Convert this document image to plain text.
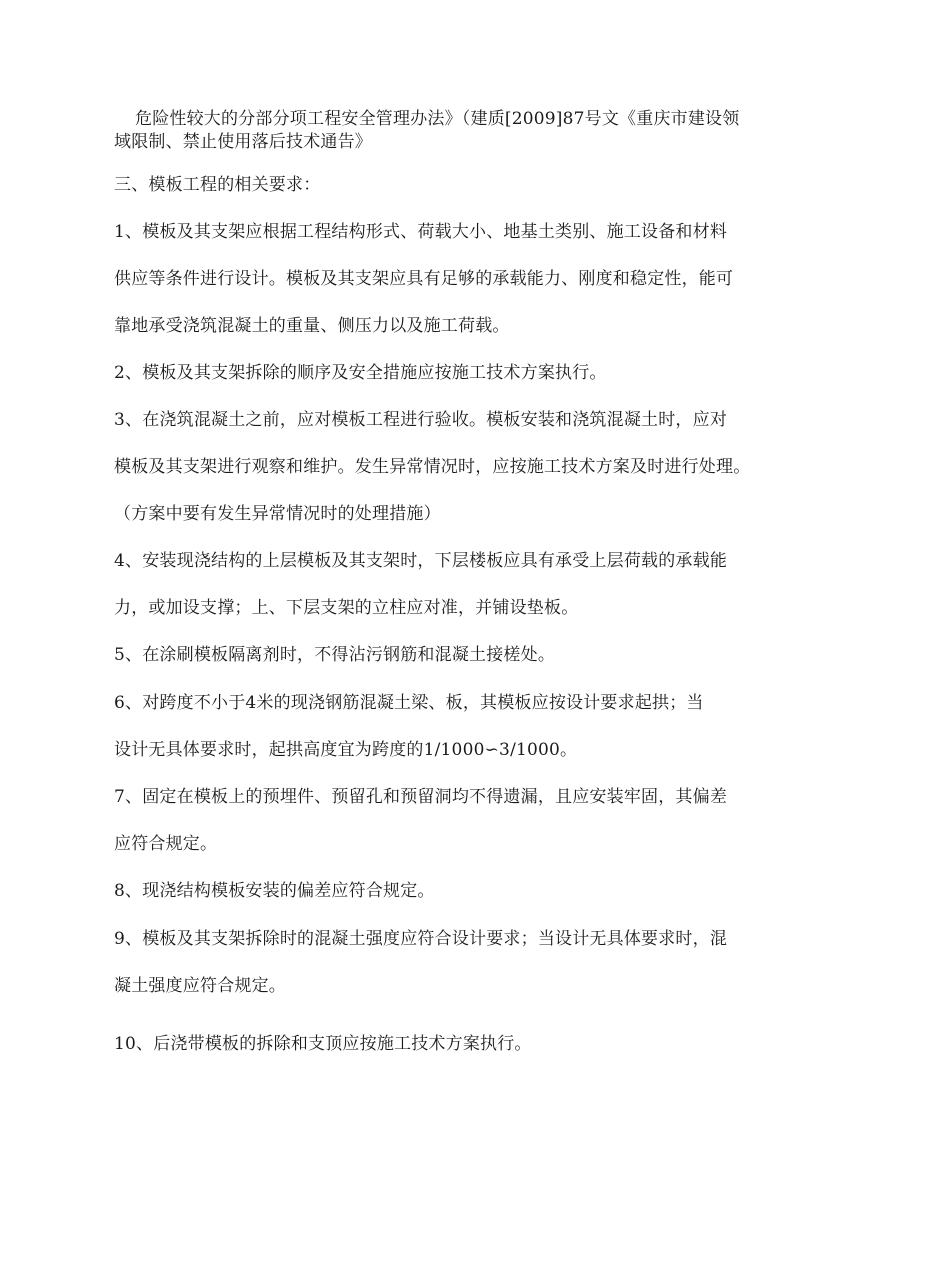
危险性较大的分部分项工程安全管理办法》（建质[2009]87号文《重庆市建设领
域限制、禁止使用落后技术通告》
三、模板工程的相关要求：
1、模板及其支架应根据工程结构形式、荷载大小、地基土类别、施工设备和材料
供应等条件进行设计。模板及其支架应具有足够的承载能力、刚度和稳定性，能可
靠地承受浇筑混凝土的重量、侧压力以及施工荷载。
2、模板及其支架拆除的顺序及安全措施应按施工技术方案执行。
3、在浇筑混凝土之前，应对模板工程进行验收。模板安装和浇筑混凝土时，应对
模板及其支架进行观察和维护。发生异常情况时，应按施工技术方案及时进行处理。
（方案中要有发生异常情况时的处理措施）
4、安装现浇结构的上层模板及其支架时，下层楼板应具有承受上层荷载的承载能
力，或加设支撑；上、下层支架的立柱应对准，并铺设垫板。
5、在涂刷模板隔离剂时，不得沾污钢筋和混凝土接槎处。
6、对跨度不小于4米的现浇钢筋混凝土梁、板，其模板应按设计要求起拱；当
设计无具体要求时，起拱高度宜为跨度的1/1000∽3/1000。
7、固定在模板上的预埋件、预留孔和预留洞均不得遗漏，且应安装牢固，其偏差
应符合规定。
8、现浇结构模板安装的偏差应符合规定。
9、模板及其支架拆除时的混凝土强度应符合设计要求；当设计无具体要求时，混
凝土强度应符合规定。
10、后浇带模板的拆除和支顶应按施工技术方案执行。
